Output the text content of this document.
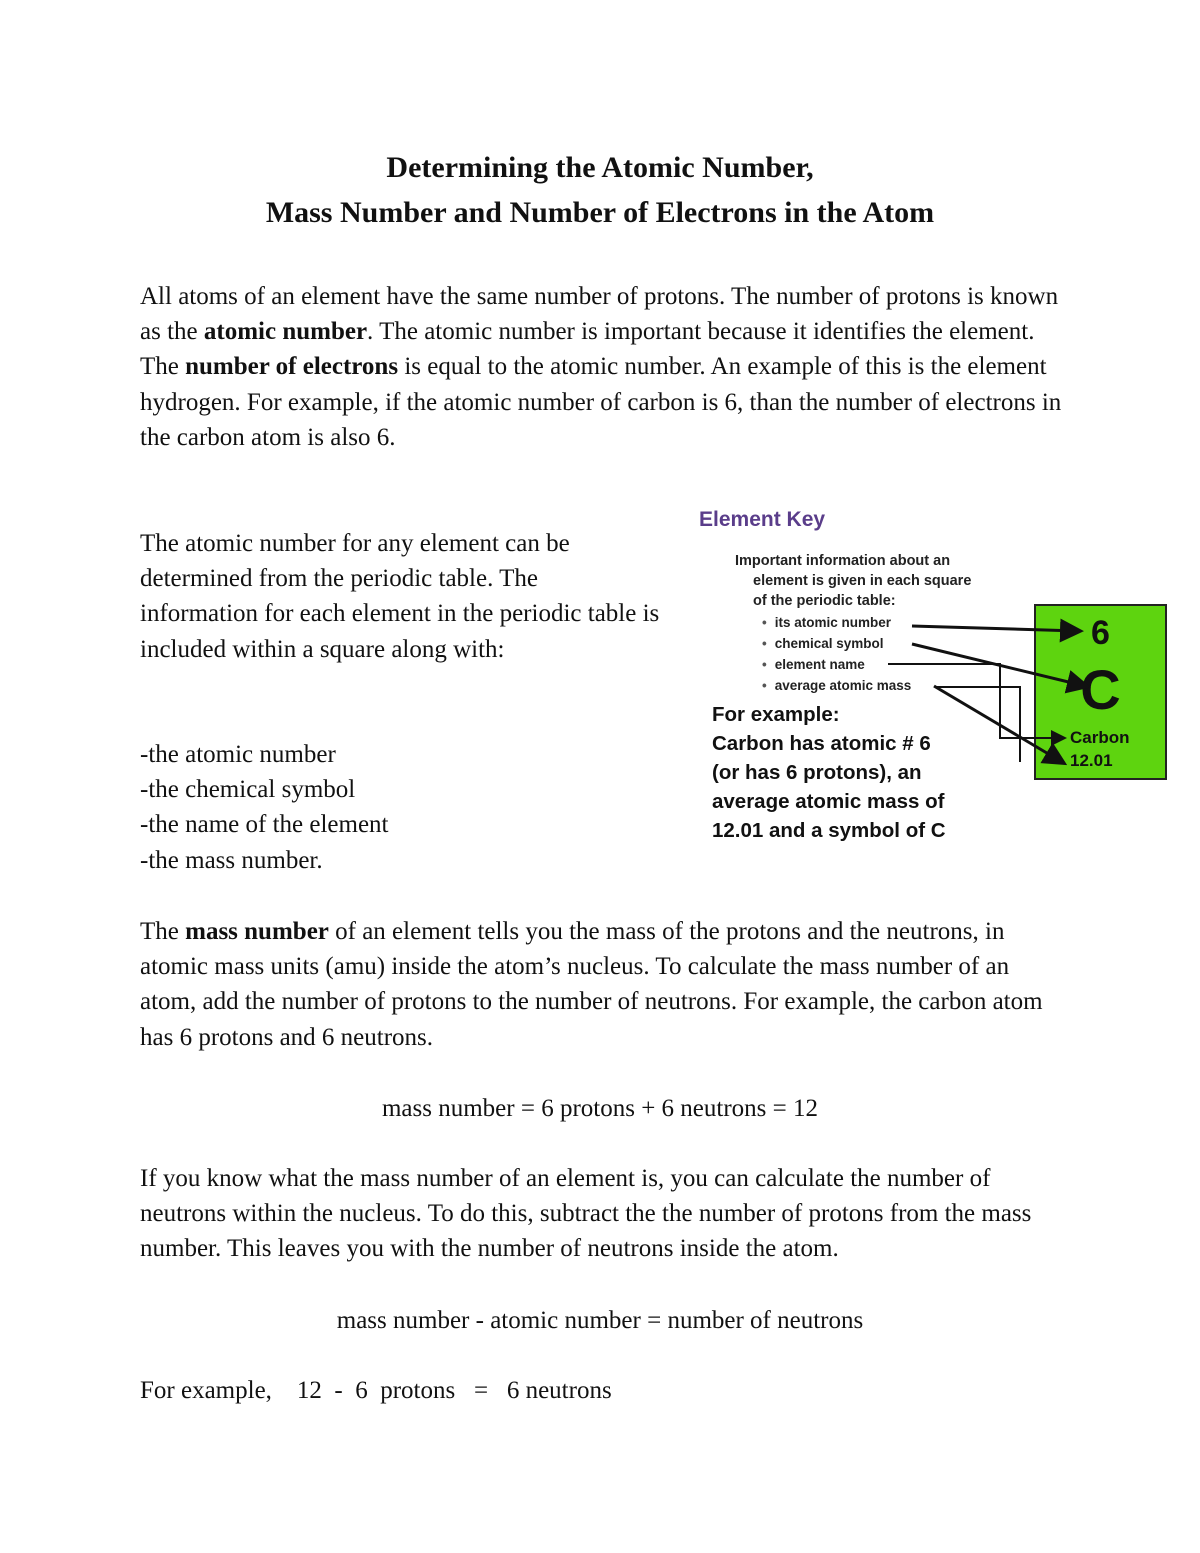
Determining the Atomic Number,
Mass Number and Number of Electrons in the Atom
All atoms of an element have the same number of protons. The number of protons is known as the atomic number. The atomic number is important because it identifies the element. The number of electrons is equal to the atomic number. An example of this is the element hydrogen. For example, if the atomic number of carbon is 6, than the number of electrons in the carbon atom is also 6.
The atomic number for any element can be determined from the periodic table. The information for each element in the periodic table is included within a square along with:
-the atomic number
-the chemical symbol
-the name of the element
-the mass number.
Element Key
Important information about an
element is given in each square
of the periodic table:
• its atomic number
• chemical symbol
• element name
• average atomic mass
For example:
Carbon has atomic # 6
(or has 6 protons), an
average atomic mass of
12.01 and a symbol of C
6
C
Carbon
12.01
The mass number of an element tells you the mass of the protons and the neutrons, in atomic mass units (amu) inside the atom’s nucleus. To calculate the mass number of an atom, add the number of protons to the number of neutrons. For example, the carbon atom has 6 protons and 6 neutrons.
mass number = 6 protons + 6 neutrons = 12
If you know what the mass number of an element is, you can calculate the number of neutrons within the nucleus. To do this, subtract the the number of protons from the mass number. This leaves you with the number of neutrons inside the atom.
mass number - atomic number = number of neutrons
For example,    12  -  6  protons   =   6 neutrons
